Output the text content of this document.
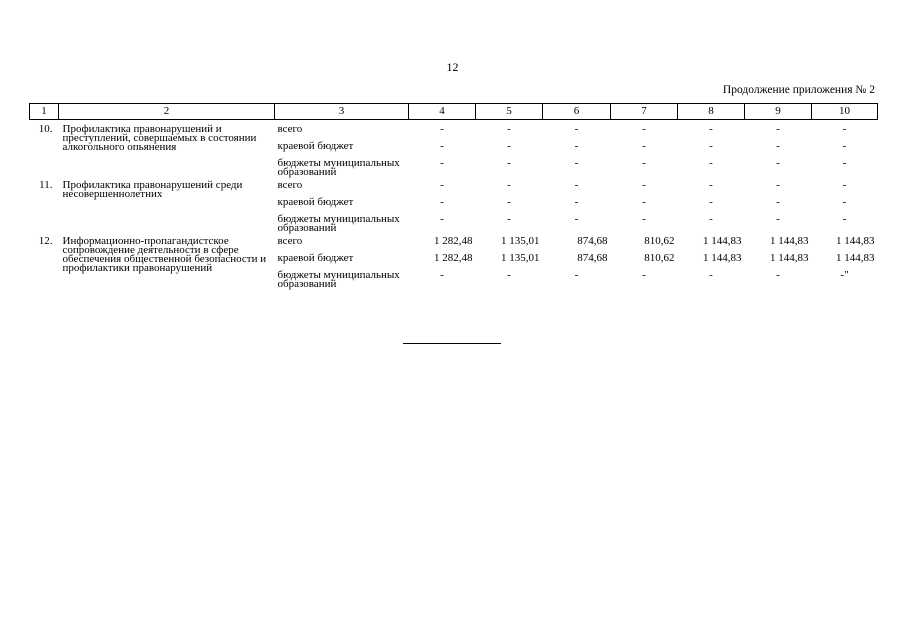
12
Продолжение приложения № 2
1	2	3	4	5	6	7	8	9	10
10.	Профилактика правонарушений и преступлений, совершаемых в состоянии алкогольного опьянения	всего	-	-	-	-	-	-	-
		краевой бюджет	-	-	-	-	-	-	-
		бюджеты муниципальных образований	-	-	-	-	-	-	-
11.	Профилактика правонарушений среди несовершеннолетних	всего	-	-	-	-	-	-	-
		краевой бюджет	-	-	-	-	-	-	-
		бюджеты муниципальных образований	-	-	-	-	-	-	-
12.	Информационно-пропагандистское сопровождение деятельности в сфере обеспечения общественной безопасности и профилактики правонарушений	всего	1 282,48	1 135,01	874,68	810,62	1 144,83	1 144,83	1 144,83
		краевой бюджет	1 282,48	1 135,01	874,68	810,62	1 144,83	1 144,83	1 144,83
		бюджеты муниципальных образований	-	-	-	-	-	-	-"
